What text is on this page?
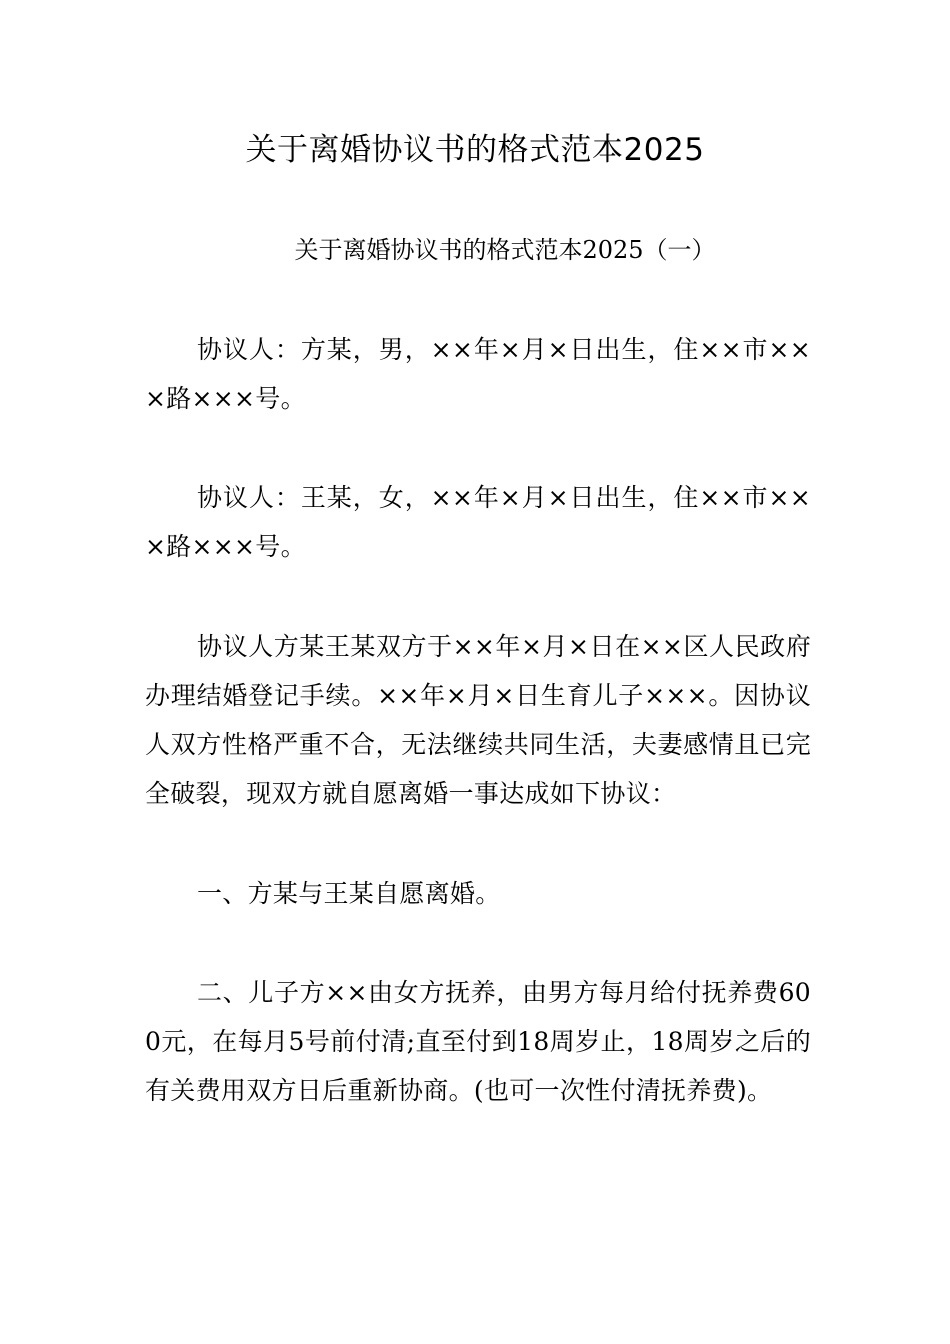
关于离婚协议书的格式范本2025
关于离婚协议书的格式范本2025（一）

协议人：方某，男，××年×月×日出生，住××市×××路×××号。

协议人：王某，女，××年×月×日出生，住××市×××路×××号。

协议人方某王某双方于××年×月×日在××区人民政府办理结婚登记手续。××年×月×日生育儿子×××。因协议人双方性格严重不合，无法继续共同生活，夫妻感情且已完全破裂，现双方就自愿离婚一事达成如下协议：

一、方某与王某自愿离婚。

二、儿子方××由女方抚养，由男方每月给付抚养费600元，在每月5号前付清;直至付到18周岁止，18周岁之后的有关费用双方日后重新协商。(也可一次性付清抚养费)。
